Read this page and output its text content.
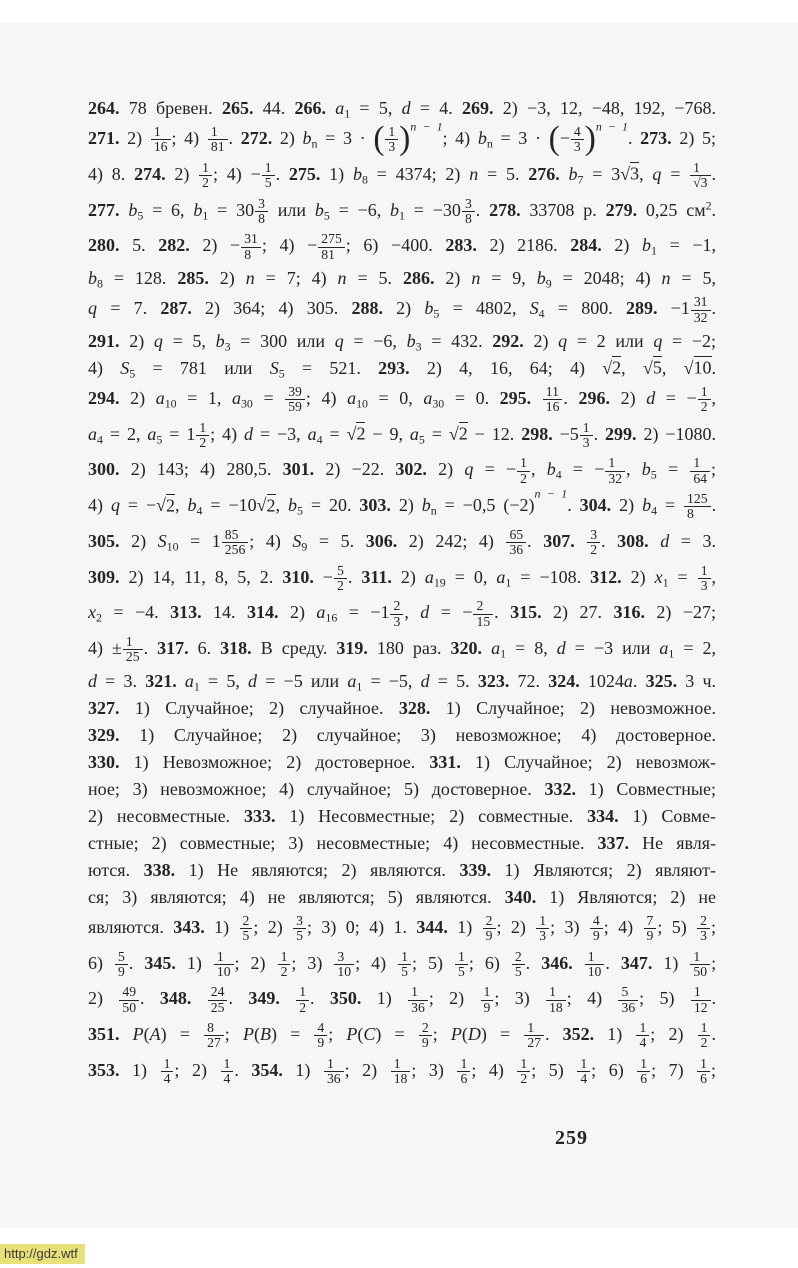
264. 78 бревен. 265. 44. 266. $a_1 = 5$, d = 4. 269. 2) −3, 12, −48, 192, −768.
271. $2) \frac{1}{16}$ ; $4) \frac{1}{81}$ . 272. 2) $b_n = 3$ · ( $\frac{1}{3} )^{n - 1}$; 4) $b_n = 3$ · (− $\frac{4}{3} )^{n - 1}$. 273. 2) 5;
4) 8. 274. $2) \frac{1}{2}$ ; $4) - \frac{1}{5}$ . 275. 1) $b_8 = 4374$; 2) n = 5. 276. $b_7 = 3√3$, $q = \frac{1}{√3}$ .
277. $b_5 = 6$, $b_1 = 30 \frac{3}{8}$ или $b_5 = -6$, $b_1 = -30 \frac{3}{8}$ . 278. 33708 р. 279. 0,25 $см^2$.
280. 5. 282. $2) - \frac{31}{8}$ ; $4) - \frac{275}{81}$ ; 6) −400. 283. 2) 2186. 284. 2) $b_1 = -1$,
$b_8 = 128$. 285. 2) n = 7; 4) n = 5. 286. 2) n = 9, $b_9 = 2048$; 4) n = 5,
q = 7. 287. 2) 364; 4) 305. 288. 2) $b_5 = 4802$, $S_4 = 800$. 289. $-1 \frac{31}{32}$ .
291. 2) q = 5, $b_3 = 300$ или q = −6, $b_3 = 432$. 292. 2) q = 2 или q = −2;
4) $S_5 = 781$ или $S_5 = 521$. 293. 2) 4, 16, 64; 4) √2, √5, √10.
294. 2) $a_{10} = 1$, $a_{30} = \frac{39}{59}$ ; 4) $a_{10} = 0$, $a_{30} = 0$. 295. $\frac{11}{16}$ . 296. 2) d = − $\frac{1}{2}$ ,
$a_4 = 2$, $a_5 = 1 \frac{1}{2}$ ; 4) d = −3, $a_4 = √2 - 9$, $a_5 = √2 - 12$. 298. $-5 \frac{1}{3}$ . 299. 2) −1080.
300. 2) 143; 4) 280,5. 301. 2) −22. 302. 2) q = − $\frac{1}{2}$ , $b_4$ = − $\frac{1}{32}$ , $b_5 = \frac{1}{64}$ ;
4) q = −√2, $b_4 = -10√2$, $b_5 = 20$. 303. 2) $b_n = -0,5$ $(-2)^{n - 1}$. 304. 2) $b_4 = \frac{125}{8}$ .
305. 2) $S_{10} = 1 \frac{85}{256}$ ; 4) $S_9 = 5$. 306. 2) 242; $4) \frac{65}{36}$ . 307. $\frac{3}{2}$ . 308. d = 3.
309. 2) 14, 11, 8, 5, 2. 310. − $\frac{5}{2}$ . 311. 2) $a_{19} = 0$, $a_1 = -108$. 312. 2) $x_1 = \frac{1}{3}$ ,
$x_2 = -4$. 313. 14. 314. 2) $a_{16} = -1 \frac{2}{3}$ , d = − $\frac{2}{15}$ . 315. 2) 27. 316. 2) −27;
$4) \pm \frac{1}{25}$ . 317. 6. 318. В среду. 319. 180 раз. 320. $a_1 = 8$, d = −3 или $a_1 = 2$,
d = 3. 321. $a_1 = 5$, d = −5 или $a_1 = -5$, d = 5. 323. 72. 324. 1024a. 325. 3 ч.
327. 1) Случайное; 2) случайное. 328. 1) Случайное; 2) невозможное.
329. 1) Случайное; 2) случайное; 3) невозможное; 4) достоверное.
330. 1) Невозможное; 2) достоверное. 331. 1) Случайное; 2) невозмож-
ное; 3) невозможное; 4) случайное; 5) достоверное. 332. 1) Совместные;
2) несовместные. 333. 1) Несовместные; 2) совместные. 334. 1) Совме-
стные; 2) совместные; 3) несовместные; 4) несовместные. 337. Не явля-
ются. 338. 1) Не являются; 2) являются. 339. 1) Являются; 2) являют-
ся; 3) являются; 4) не являются; 5) являются. 340. 1) Являются; 2) не
являются. 343. $1) \frac{2}{5}$ ; $2) \frac{3}{5}$ ; 3) 0; 4) 1. 344. $1) \frac{2}{9}$ ; $2) \frac{1}{3}$ ; $3) \frac{4}{9}$ ; $4) \frac{7}{9}$ ; $5) \frac{2}{3}$ ;
$6) \frac{5}{9}$ . 345. $1) \frac{1}{10}$ ; $2) \frac{1}{2}$ ; $3) \frac{3}{10}$ ; $4) \frac{1}{5}$ ; $5) \frac{1}{5}$ ; $6) \frac{2}{5}$ . 346. $\frac{1}{10}$ . 347. $1) \frac{1}{50}$ ;
$2) \frac{49}{50}$ . 348. $\frac{24}{25}$ . 349. $\frac{1}{2}$ . 350. $1) \frac{1}{36}$ ; $2) \frac{1}{9}$ ; $3) \frac{1}{18}$ ; $4) \frac{5}{36}$ ; $5) \frac{1}{12}$ .
351. $P(A) = \frac{8}{27}$ ; $P(B) = \frac{4}{9}$ ; $P(C) = \frac{2}{9}$ ; $P(D) = \frac{1}{27}$ . 352. $1) \frac{1}{4}$ ; $2) \frac{1}{2}$ .
353. $1) \frac{1}{4}$ ; $2) \frac{1}{4}$ . 354. $1) \frac{1}{36}$ ; $2) \frac{1}{18}$ ; $3) \frac{1}{6}$ ; $4) \frac{1}{2}$ ; $5) \frac{1}{4}$ ; $6) \frac{1}{6}$ ; $7) \frac{1}{6}$ ;
259
http://gdz.wtf
